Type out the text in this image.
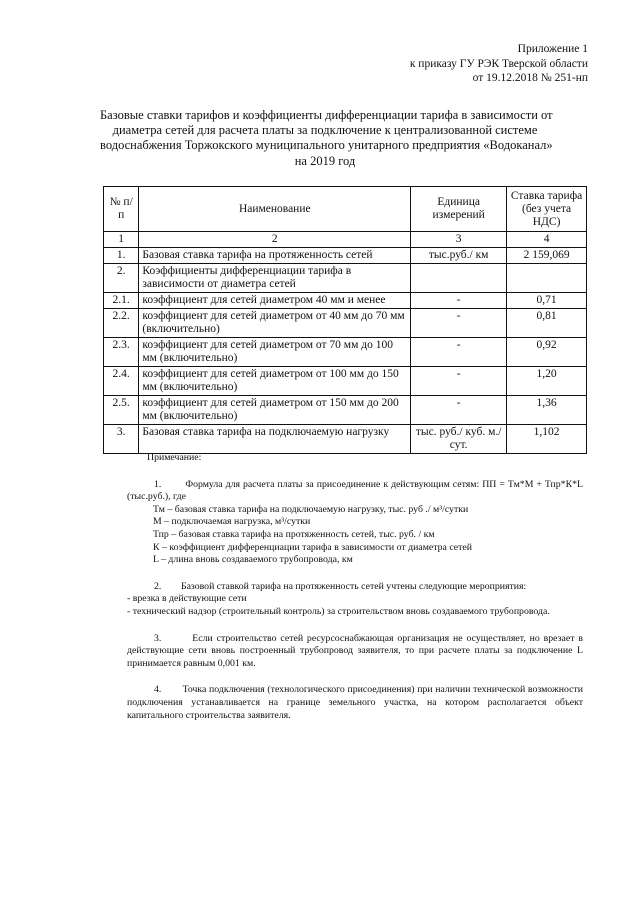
Приложение 1
к приказу ГУ РЭК Тверской области
от 19.12.2018 № 251-нп
Базовые ставки тарифов и коэффициенты дифференциации тарифа в зависимости от
диаметра сетей для расчета платы за подключение к централизованной системе
водоснабжения Торжокского муниципального унитарного предприятия «Водоканал»
на 2019 год
№ п/п	Наименование	Единица измерений	Ставка тарифа (без учета НДС)
1	2	3	4
1.	Базовая ставка тарифа на протяженность сетей	тыс.руб./ км	2 159,069
2.	Коэффициенты дифференциации тарифа в зависимости от диаметра сетей		
2.1.	коэффициент для сетей диаметром 40 мм и менее	-	0,71
2.2.	коэффициент для сетей диаметром от 40 мм до 70 мм (включительно)	-	0,81
2.3.	коэффициент для сетей диаметром от 70 мм до 100 мм (включительно)	-	0,92
2.4.	коэффициент для сетей диаметром от 100 мм до 150 мм (включительно)	-	1,20
2.5.	коэффициент для сетей диаметром от 150 мм до 200 мм (включительно)	-	1,36
3.	Базовая ставка тарифа на подключаемую нагрузку	тыс. руб./ куб. м./сут.	1,102
Примечание:

1.        Формула для расчета платы за присоединение к действующим сетям: ПП = Тм*М + Тпр*К*L (тыс.руб.), где

Тм – базовая ставка тарифа на подключаемую нагрузку, тыс. руб ./ м³/сутки
М – подключаемая нагрузка, м³/сутки
Тпр – базовая ставка тарифа на протяженность сетей, тыс. руб. / км
К – коэффициент дифференциации тарифа в зависимости от диаметра сетей
L – длина вновь создаваемого трубопровода, км

2.        Базовой ставкой тарифа на протяженность сетей учтены следующие мероприятия:

- врезка в действующие сети

- технический надзор (строительный контроль) за строительством вновь создаваемого трубопровода.

3.        Если строительство сетей ресурсоснабжающая организация не осуществляет, но врезает в действующие сети вновь построенный трубопровод заявителя, то при расчете платы за подключение L принимается равным 0,001 км.

4.        Точка подключения (технологического присоединения) при наличии технической возможности подключения устанавливается на границе земельного участка, на котором располагается объект капитального строительства заявителя.
